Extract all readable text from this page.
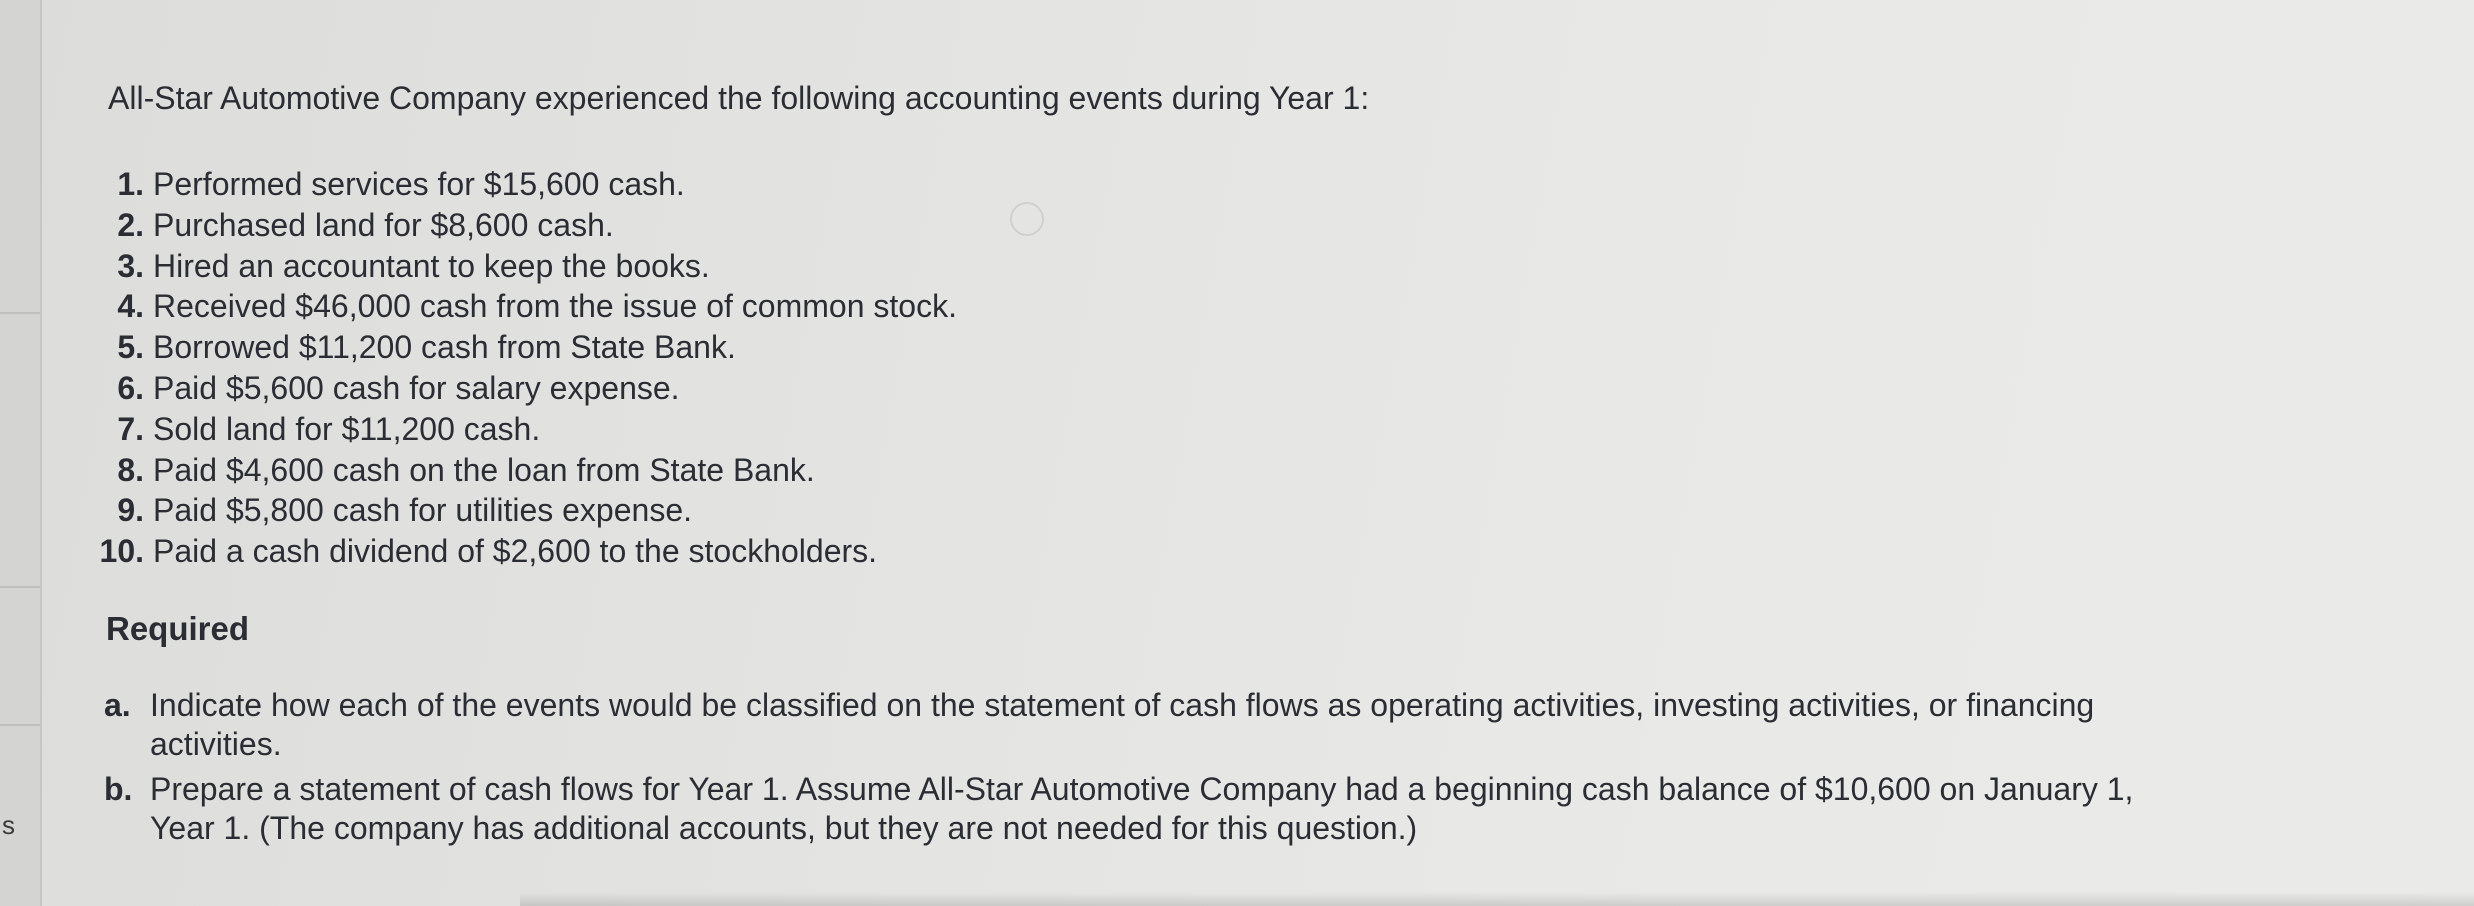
s
All-Star Automotive Company experienced the following accounting events during Year 1:
1. Performed services for $15,600 cash.
2. Purchased land for $8,600 cash.
3. Hired an accountant to keep the books.
4. Received $46,000 cash from the issue of common stock.
5. Borrowed $11,200 cash from State Bank.
6. Paid $5,600 cash for salary expense.
7. Sold land for $11,200 cash.
8. Paid $4,600 cash on the loan from State Bank.
9. Paid $5,800 cash for utilities expense.
10. Paid a cash dividend of $2,600 to the stockholders.
Required
a. Indicate how each of the events would be classified on the statement of cash flows as operating activities, investing activities, or financing activities.
b. Prepare a statement of cash flows for Year 1. Assume All-Star Automotive Company had a beginning cash balance of $10,600 on January 1, Year 1. (The company has additional accounts, but they are not needed for this question.)
